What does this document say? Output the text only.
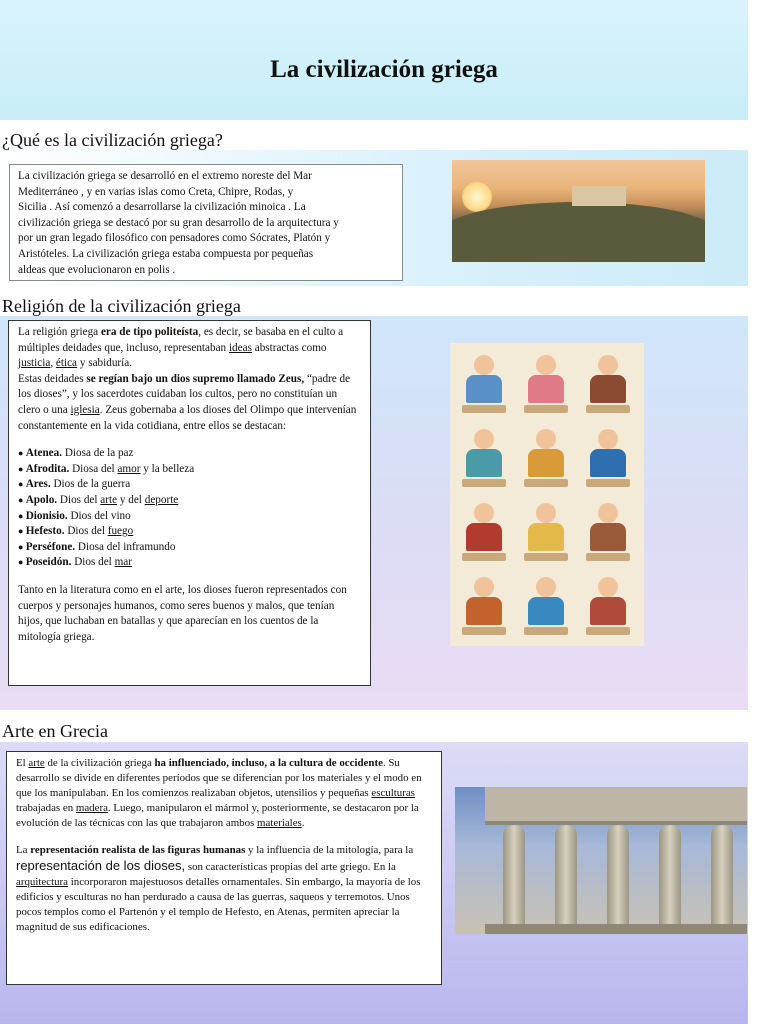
La civilización griega
¿Qué es la civilización griega?

La civilización griega se desarrolló en el extremo noreste del Mar

Mediterráneo , y en varias islas como Creta, Chipre, Rodas, y

Sicilia . Así comenzó a desarrollarse la civilización minoica . La

civilización griega se destacó por su gran desarrollo de la arquitectura y

por un gran legado filosófico con pensadores como Sócrates, Platón y

Aristóteles. La civilización griega estaba compuesta por pequeñas

aldeas que evolucionaron en polis .

Religión de la civilización griega

La religión griega era de tipo politeísta, es decir, se basaba en el culto a múltiples deidades que, incluso, representaban ideas abstractas como justicia, ética y sabiduría.

Estas deidades se regían bajo un dios supremo llamado Zeus, “padre de los dioses”, y los sacerdotes cuidaban los cultos, pero no constituían un clero o una iglesia. Zeus gobernaba a los dioses del Olimpo que intervenían constantemente en la vida cotidiana, entre ellos se destacan:

● Atenea. Diosa de la paz
● Afrodita. Diosa del amor y la belleza
● Ares. Dios de la guerra
● Apolo. Dios del arte y del deporte
● Dionisio. Dios del vino
● Hefesto. Dios del fuego
● Perséfone. Diosa del inframundo
● Poseidón. Dios del mar

Tanto en la literatura como en el arte, los dioses fueron representados con cuerpos y personajes humanos, como seres buenos y malos, que tenían hijos, que luchaban en batallas y que aparecían en los cuentos de la mitología griega.

Arte en Grecia

El arte de la civilización griega ha influenciado, incluso, a la cultura de occidente. Su desarrollo se divide en diferentes períodos que se diferencian por los materiales y el modo en que los manipulaban. En los comienzos realizaban objetos, utensilios y pequeñas esculturas trabajadas en madera. Luego, manipularon el mármol y, posteriormente, se destacaron por la evolución de las técnicas con las que trabajaron ambos materiales.

La representación realista de las figuras humanas y la influencia de la mitología, para la representación de los dioses, son características propias del arte griego. En la arquitectura incorporaron majestuosos detalles ornamentales. Sin embargo, la mayoría de los edificios y esculturas no han perdurado a causa de las guerras, saqueos y terremotos. Unos pocos templos como el Partenón y el templo de Hefesto, en Atenas, permiten apreciar la magnitud de sus edificaciones.
